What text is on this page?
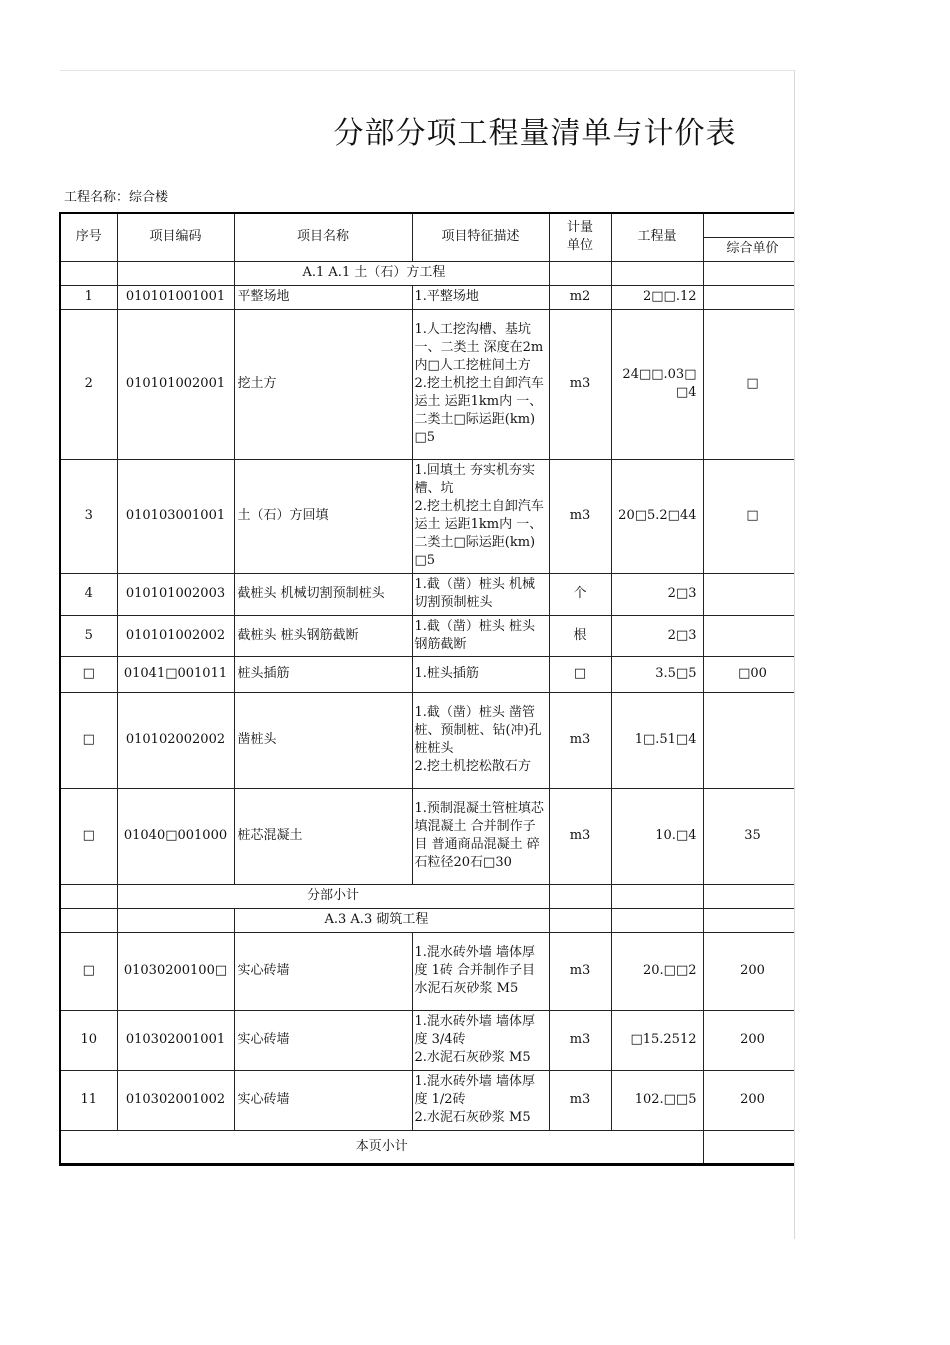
分部分项工程量清单与计价表
工程名称：综合楼
序号	项目编码	项目名称	项目特征描述	计量
单位	工程量	
						综合单价
		A.1 A.1 土（石）方工程				
1	010101001001	平整场地	1.平整场地	m2	2□□.12	
2	010101002001	挖土方	1.人工挖沟槽、基坑 一、二类土 深度在2m内□人工挖桩间土方
2.挖土机挖土自卸汽车运土 运距1km内 一、二类土□际运距(km)□5	m3	24□□.03□□4	□
3	010103001001	土（石）方回填	1.回填土 夯实机夯实 槽、坑
2.挖土机挖土自卸汽车运土 运距1km内 一、二类土□际运距(km)□5	m3	20□5.2□44	□
4	010101002003	截桩头 机械切割预制桩头	1.截（凿）桩头 机械切割预制桩头	个	2□3	
5	010101002002	截桩头 桩头钢筋截断	1.截（凿）桩头 桩头钢筋截断	根	2□3	
□	01041□001011	桩头插筋	1.桩头插筋	□	3.5□5	□00
□	010102002002	凿桩头	1.截（凿）桩头 凿管桩、预制桩、钻(冲)孔桩桩头
2.挖土机挖松散石方	m3	1□.51□4	
□	01040□001000	桩芯混凝土	1.预制混凝土管桩填芯 填混凝土 合并制作子目 普通商品混凝土 碎石粒径20石□30	m3	10.□4	35
	分部小计					
		A.3 A.3 砌筑工程				
□	01030200100□	实心砖墙	1.混水砖外墙 墙体厚度 1砖 合并制作子目 水泥石灰砂浆 M5	m3	20.□□2	200
10	010302001001	实心砖墙	1.混水砖外墙 墙体厚度 3/4砖
2.水泥石灰砂浆 M5	m3	□15.2512	200
11	010302001002	实心砖墙	1.混水砖外墙 墙体厚度 1/2砖
2.水泥石灰砂浆 M5	m3	102.□□5	200
本页小计						
